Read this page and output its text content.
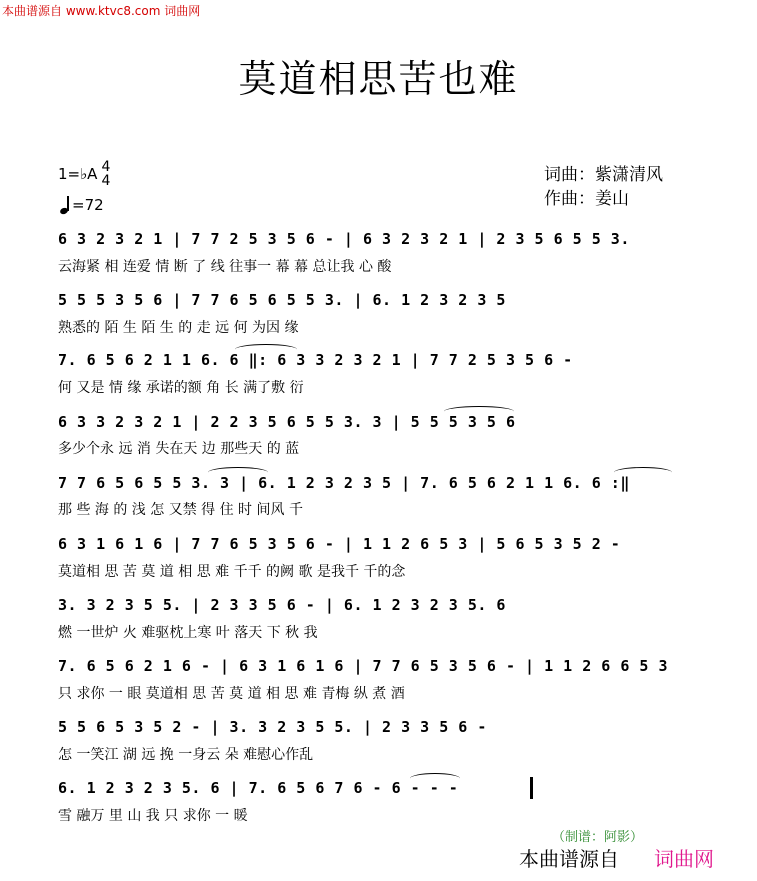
本曲谱源自 www.ktvc8.com 词曲网
莫道相思苦也难
1=♭A 4
4
=72
词曲：紫潇清风
作曲：姜山
6 3 2 3 2 1 | 7 7 2 5 3 5 6 - | 6 3 2 3 2 1 | 2 3 5 6 5 5 3.
云海紧 相 连爱 情 断 了 线 往事一 幕 幕 总让我 心 酸
5 5 5 3 5 6 | 7 7 6 5 6 5 5 3. | 6. 1 2 3 2 3 5
熟悉的 陌 生 陌 生 的 走 远 何 为因 缘
7. 6 5 6 2 1 1 6. 6 ‖: 6 3 3 2 3 2 1 | 7 7 2 5 3 5 6 -
何 又是 情 缘 承诺的额 角 长 满了敷 衍
6 3 3 2 3 2 1 | 2 2 3 5 6 5 5 3. 3 | 5 5 5 3 5 6
多少个永 远 消 失在天 边 那些天 的 蓝
7 7 6 5 6 5 5 3. 3 | 6. 1 2 3 2 3 5 | 7. 6 5 6 2 1 1 6. 6 :‖
那 些 海 的 浅 怎 又禁 得 住 时 间风 千
6 3 1 6 1 6 | 7 7 6 5 3 5 6 - | 1 1 2 6 5 3 | 5 6 5 3 5 2 -
莫道相 思 苦 莫 道 相 思 难 千千 的阙 歌 是我千 千的念
3. 3 2 3 5 5. | 2 3 3 5 6 - | 6. 1 2 3 2 3 5. 6
燃 一世炉 火 难驱枕上寒 叶 落天 下 秋 我
7. 6 5 6 2 1 6 - | 6 3 1 6 1 6 | 7 7 6 5 3 5 6 - | 1 1 2 6 6 5 3
只 求你 一 眼 莫道相 思 苦 莫 道 相 思 难 青梅 纵 煮 酒
5 5 6 5 3 5 2 - | 3. 3 2 3 5 5. | 2 3 3 5 6 -
怎 一笑江 湖 远 挽 一身云 朵 难慰心作乱
6. 1 2 3 2 3 5. 6 | 7. 6 5 6 7 6 - 6 - - -
雪 融万 里 山 我 只 求你 一 暖
（制谱：阿影）
本曲谱源自 词曲网
